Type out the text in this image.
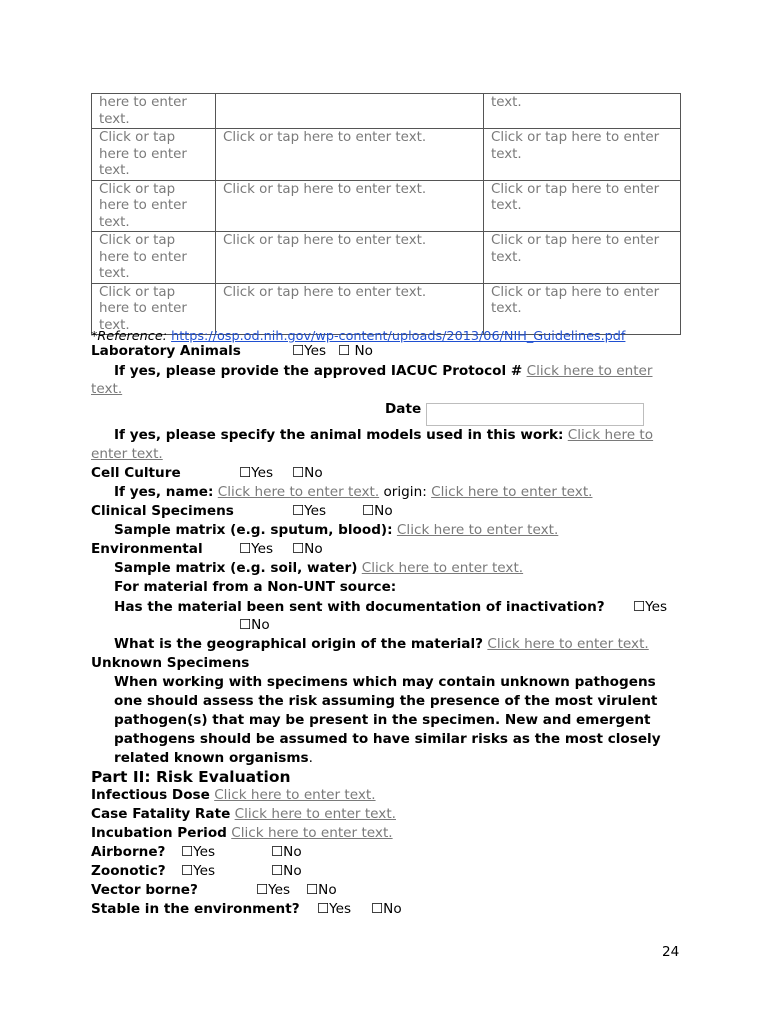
here to enter text.		text.
Click or tap here to enter text.	Click or tap here to enter text.	Click or tap here to enter text.
Click or tap here to enter text.	Click or tap here to enter text.	Click or tap here to enter text.
Click or tap here to enter text.	Click or tap here to enter text.	Click or tap here to enter text.
Click or tap here to enter text.	Click or tap here to enter text.	Click or tap here to enter text.
*Reference: https://osp.od.nih.gov/wp-content/uploads/2013/06/NIH_Guidelines.pdf
Laboratory Animals	☐Yes ☐ No
If yes, please provide the approved IACUC Protocol # Click here to enter
text.
Date
If yes, please specify the animal models used in this work: Click here to
enter text.
Cell Culture	☐Yes ☐No
If yes, name: Click here to enter text. origin: Click here to enter text.
Clinical Specimens	☐Yes	☐No
Sample matrix (e.g. sputum, blood): Click here to enter text.
Environmental	☐Yes ☐No
Sample matrix (e.g. soil, water) Click here to enter text.
For material from a Non-UNT source:
Has the material been sent with documentation of inactivation? ☐Yes
☐No
What is the geographical origin of the material? Click here to enter text.
Unknown Specimens
When working with specimens which may contain unknown pathogens one should assess the risk assuming the presence of the most virulent pathogen(s) that may be present in the specimen. New and emergent pathogens should be assumed to have similar risks as the most closely related known organisms.
Part II: Risk Evaluation
Infectious Dose Click here to enter text.
Case Fatality Rate Click here to enter text.
Incubation Period Click here to enter text.
Airborne? ☐Yes	☐No
Zoonotic? ☐Yes	☐No
Vector borne?	☐Yes ☐No
Stable in the environment? ☐Yes ☐No
24
